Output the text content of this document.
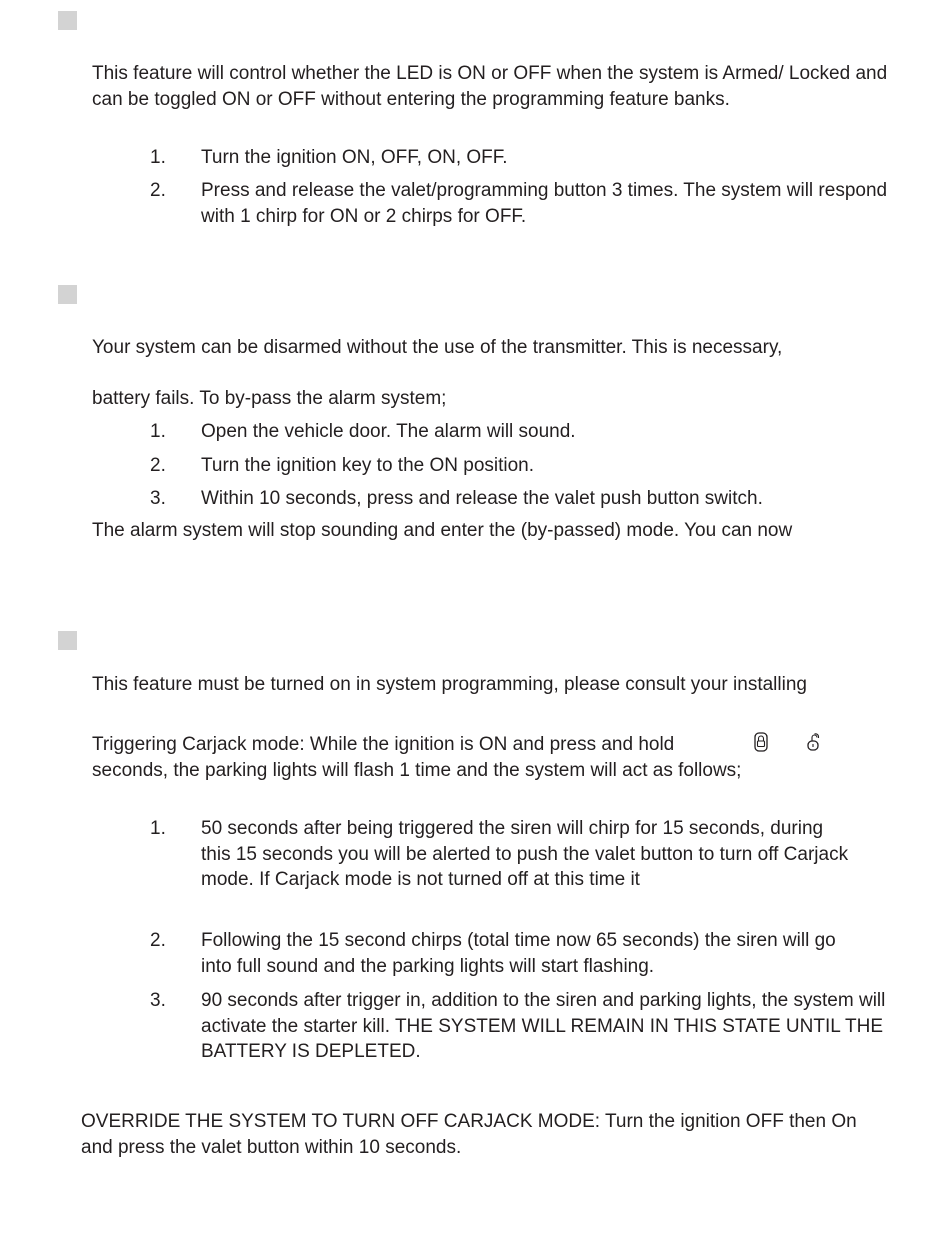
This feature will control whether the LED is ON or OFF when the system is Armed/ Locked and can be toggled ON or OFF without entering the programming feature banks.

1. Turn the ignition ON, OFF, ON, OFF.
2. Press and release the valet/programming button 3 times. The system will respond with 1 chirp for ON or 2 chirps for OFF.

Your system can be disarmed without the use of the transmitter. This is necessary,

battery fails. To by-pass the alarm system;

1. Open the vehicle door. The alarm will sound.
2. Turn the ignition key to the ON position.
3. Within 10 seconds, press and release the valet push button switch.

The alarm system will stop sounding and enter the (by-passed) mode. You can now

This feature must be turned on in system programming, please consult your installing

Triggering Carjack mode: While the ignition is ON and press and hold

seconds, the parking lights will flash 1 time and the system will act as follows;

1. 50 seconds after being triggered the siren will chirp for 15 seconds, during this 15 seconds you will be alerted to push the valet button to turn off Carjack mode. If Carjack mode is not turned off at this time it
2. Following the 15 second chirps (total time now 65 seconds) the siren will go into full sound and the parking lights will start flashing.
3. 90 seconds after trigger in, addition to the siren and parking lights, the system will activate the starter kill. THE SYSTEM WILL REMAIN IN THIS STATE UNTIL THE BATTERY IS DEPLETED.

OVERRIDE THE SYSTEM TO TURN OFF CARJACK MODE: Turn the ignition OFF then On and press the valet button within 10 seconds.
